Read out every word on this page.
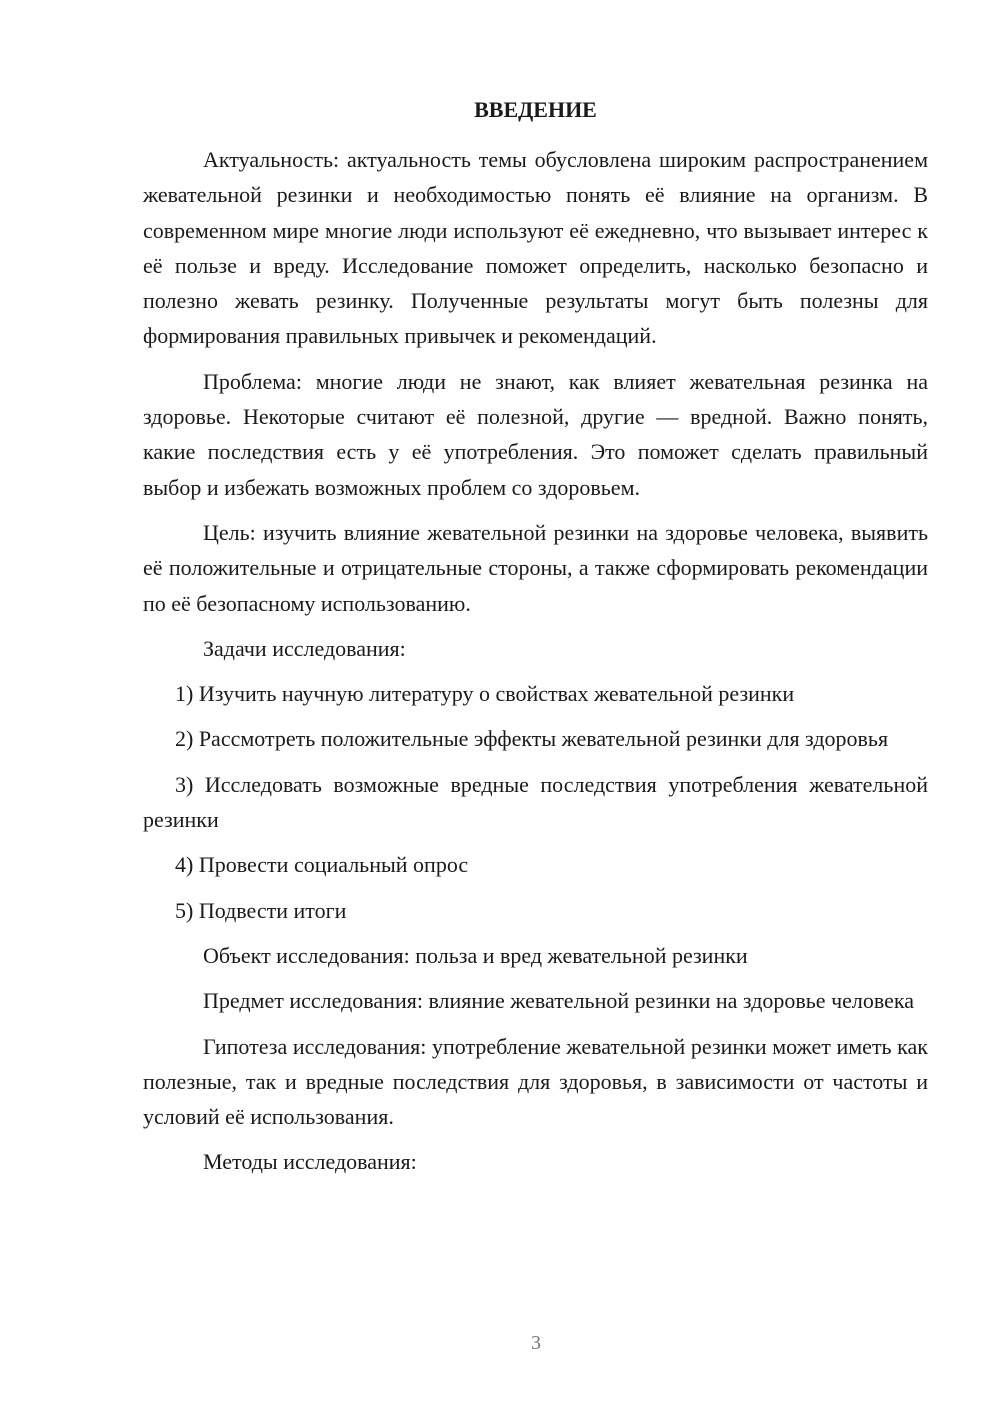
ВВЕДЕНИЕ

Актуальность: актуальность темы обусловлена широким распространением жевательной резинки и необходимостью понять её влияние на организм. В современном мире многие люди используют её ежедневно, что вызывает интерес к её пользе и вреду. Исследование поможет определить, насколько безопасно и полезно жевать резинку. Полученные результаты могут быть полезны для формирования правильных привычек и рекомендаций.

Проблема: многие люди не знают, как влияет жевательная резинка на здоровье. Некоторые считают её полезной, другие — вредной. Важно понять, какие последствия есть у её употребления. Это поможет сделать правильный выбор и избежать возможных проблем со здоровьем.

Цель: изучить влияние жевательной резинки на здоровье человека, выявить её положительные и отрицательные стороны, а также сформировать рекомендации по её безопасному использованию.

Задачи исследования:

1) Изучить научную литературу о свойствах жевательной резинки

2) Рассмотреть положительные эффекты жевательной резинки для здоровья

3) Исследовать возможные вредные последствия употребления жевательной резинки

4) Провести социальный опрос

5) Подвести итоги

Объект исследования: польза и вред жевательной резинки

Предмет исследования: влияние жевательной резинки на здоровье человека

Гипотеза исследования: употребление жевательной резинки может иметь как полезные, так и вредные последствия для здоровья, в зависимости от частоты и условий её использования.

Методы исследования:

3
